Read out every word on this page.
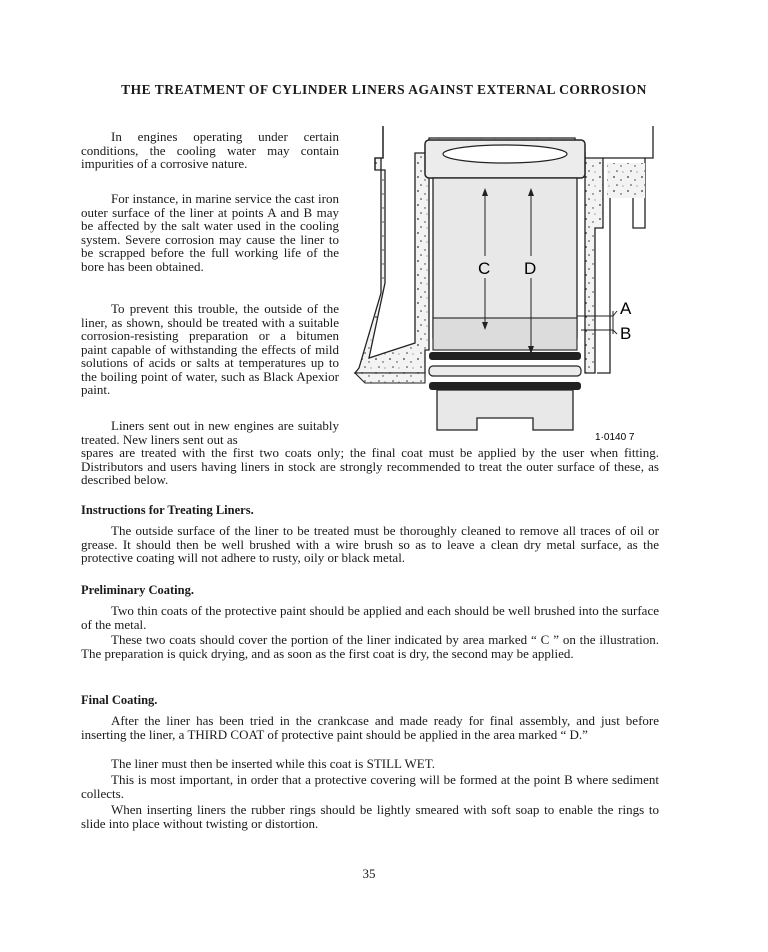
THE TREATMENT OF CYLINDER LINERS AGAINST EXTERNAL CORROSION

In engines operating under certain conditions, the cooling water may contain impurities of a corrosive nature.

For instance, in marine service the cast iron outer surface of the liner at points A and B may be affected by the salt water used in the cooling system. Severe corrosion may cause the liner to be scrapped before the full working life of the bore has been obtained.

To prevent this trouble, the outside of the liner, as shown, should be treated with a suitable corrosion-resisting preparation or a bitumen paint capable of withstanding the effects of mild solutions of acids or salts at temperatures up to the boiling point of water, such as Black Apexior paint.

Liners sent out in new engines are suitably treated. New liners sent out as

spares are treated with the first two coats only; the final coat must be applied by the user when fitting. Distributors and users having liners in stock are strongly recommended to treat the outer surface of these, as described below.

C D
A
B
1·0140 7
Instructions for Treating Liners.

The outside surface of the liner to be treated must be thoroughly cleaned to remove all traces of oil or grease. It should then be well brushed with a wire brush so as to leave a clean dry metal surface, as the protective coating will not adhere to rusty, oily or black metal.

Preliminary Coating.

Two thin coats of the protective paint should be applied and each should be well brushed into the surface of the metal.

These two coats should cover the portion of the liner indicated by area marked “ C ” on the illustration. The preparation is quick drying, and as soon as the first coat is dry, the second may be applied.

Final Coating.

After the liner has been tried in the crankcase and made ready for final assembly, and just before inserting the liner, a THIRD COAT of protective paint should be applied in the area marked “ D.”

The liner must then be inserted while this coat is STILL WET.

This is most important, in order that a protective covering will be formed at the point B where sediment collects.

When inserting liners the rubber rings should be lightly smeared with soft soap to enable the rings to slide into place without twisting or distortion.

35
